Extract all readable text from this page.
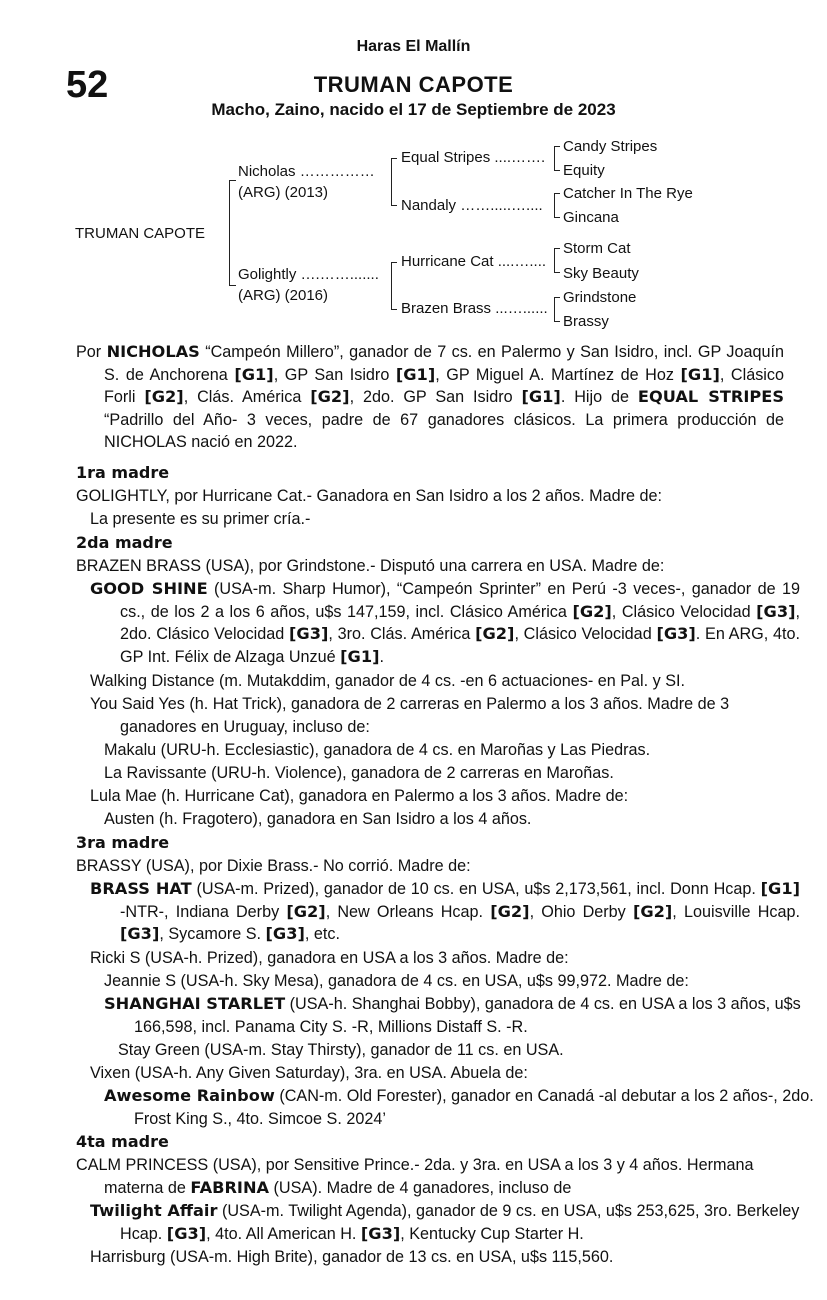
Haras El Mallín
52	TRUMAN CAPOTE
Macho, Zaino, nacido el 17 de Septiembre de 2023
TRUMAN CAPOTE
Nicholas ……………
(ARG) (2013)
Golightly ….…….......
(ARG) (2016)
Equal Stripes ....…….
Nandaly …….....…....
Hurricane Cat ....…....
Brazen Brass ...…......
Candy Stripes
Equity
Catcher In The Rye
Gincana
Storm Cat
Sky Beauty
Grindstone
Brassy
Por NICHOLAS “Campeón Millero”, ganador de 7 cs. en Palermo y San Isidro, incl. GP Joaquín S. de Anchorena [G1], GP San Isidro [G1], GP Miguel A. Martínez de Hoz [G1], Clásico Forli [G2], Clás. América [G2], 2do. GP San Isidro [G1]. Hijo de EQUAL STRIPES “Padrillo del Año- 3 veces, padre de 67 ganadores clásicos. La primera producción de NICHOLAS nació en 2022.
1ra madre
GOLIGHTLY, por Hurricane Cat.- Ganadora en San Isidro a los 2 años. Madre de:
La presente es su primer cría.-
2da madre
BRAZEN BRASS (USA), por Grindstone.- Disputó una carrera en USA. Madre de:
GOOD SHINE (USA-m. Sharp Humor), “Campeón Sprinter” en Perú -3 veces-, ganador de 19 cs., de los 2 a los 6 años, u$s 147,159, incl. Clásico América [G2], Clásico Velocidad [G3], 2do. Clásico Velocidad [G3], 3ro. Clás. América [G2], Clásico Velocidad [G3]. En ARG, 4to. GP Int. Félix de Alzaga Unzué [G1].
Walking Distance (m. Mutakddim, ganador de 4 cs. -en 6 actuaciones- en Pal. y SI.
You Said Yes (h. Hat Trick), ganadora de 2 carreras en Palermo a los 3 años. Madre de 3 ganadores en Uruguay, incluso de:
Makalu (URU-h. Ecclesiastic), ganadora de 4 cs. en Maroñas y Las Piedras.
La Ravissante (URU-h. Violence), ganadora de 2 carreras en Maroñas.
Lula Mae (h. Hurricane Cat), ganadora en Palermo a los 3 años. Madre de:
Austen (h. Fragotero), ganadora en San Isidro a los 4 años.
3ra madre
BRASSY (USA), por Dixie Brass.- No corrió. Madre de:
BRASS HAT (USA-m. Prized), ganador de 10 cs. en USA, u$s 2,173,561, incl. Donn Hcap. [G1] -NTR-, Indiana Derby [G2], New Orleans Hcap. [G2], Ohio Derby [G2], Louisville Hcap. [G3], Sycamore S. [G3], etc.
Ricki S (USA-h. Prized), ganadora en USA a los 3 años. Madre de:
Jeannie S (USA-h. Sky Mesa), ganadora de 4 cs. en USA, u$s 99,972. Madre de:
SHANGHAI STARLET (USA-h. Shanghai Bobby), ganadora de 4 cs. en USA a los 3 años, u$s 166,598, incl. Panama City S. -R, Millions Distaff S. -R.
Stay Green (USA-m. Stay Thirsty), ganador de 11 cs. en USA.
Vixen (USA-h. Any Given Saturday), 3ra. en USA. Abuela de:
Awesome Rainbow (CAN-m. Old Forester), ganador en Canadá -al debutar a los 2 años-, 2do. Frost King S., 4to. Simcoe S. 2024’
4ta madre
CALM PRINCESS (USA), por Sensitive Prince.- 2da. y 3ra. en USA a los 3 y 4 años. Hermana materna de FABRINA (USA). Madre de 4 ganadores, incluso de
Twilight Affair (USA-m. Twilight Agenda), ganador de 9 cs. en USA, u$s 253,625, 3ro. Berkeley Hcap. [G3], 4to. All American H. [G3], Kentucky Cup Starter H.
Harrisburg (USA-m. High Brite), ganador de 13 cs. en USA, u$s 115,560.
